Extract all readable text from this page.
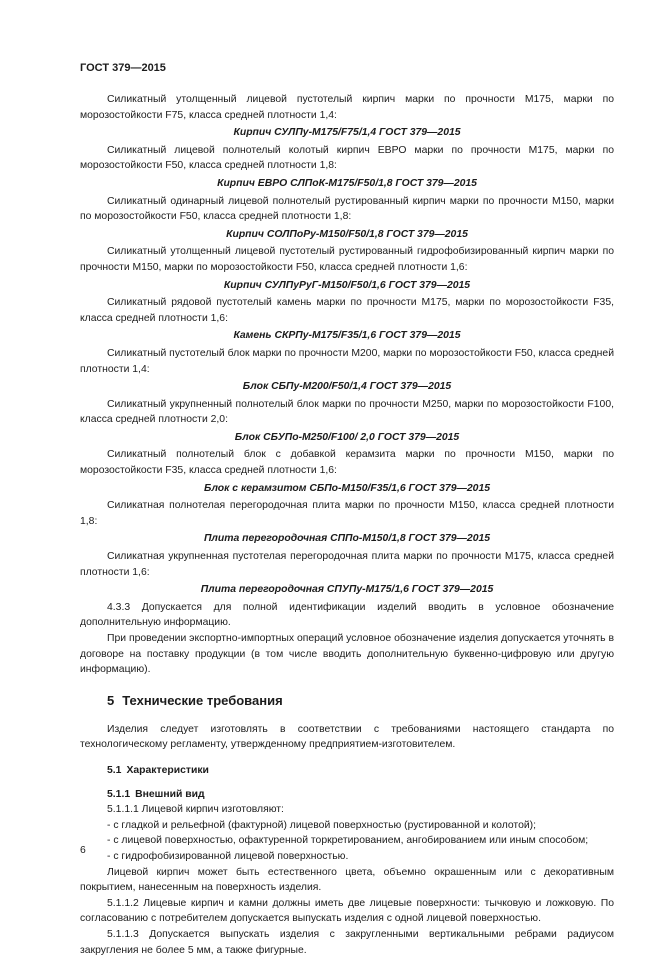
ГОСТ 379—2015
Силикатный утолщенный лицевой пустотелый кирпич марки по прочности М175, марки по морозостойкости F75, класса средней плотности 1,4:
Кирпич СУЛПу-М175/F75/1,4 ГОСТ 379—2015
Силикатный лицевой полнотелый колотый кирпич ЕВРО марки по прочности М175, марки по морозостойкости F50, класса средней плотности 1,8:
Кирпич ЕВРО СЛПоК-М175/F50/1,8 ГОСТ 379—2015
Силикатный одинарный лицевой полнотелый рустированный кирпич марки по прочности М150, марки по морозостойкости F50, класса средней плотности 1,8:
Кирпич СОЛПоРу-М150/F50/1,8 ГОСТ 379—2015
Силикатный утолщенный лицевой пустотелый рустированный гидрофобизированный кирпич марки по прочности М150, марки по морозостойкости F50, класса средней плотности 1,6:
Кирпич СУЛПуРуГ-М150/F50/1,6 ГОСТ 379—2015
Силикатный рядовой пустотелый камень марки по прочности М175, марки по морозостойкости F35, класса средней плотности 1,6:
Камень СКРПу-М175/F35/1,6 ГОСТ 379—2015
Силикатный пустотелый блок марки по прочности М200, марки по морозостойкости F50, класса средней плотности 1,4:
Блок СБПу-М200/F50/1,4 ГОСТ 379—2015
Силикатный укрупненный полнотелый блок марки по прочности М250, марки по морозостойкости F100, класса средней плотности 2,0:
Блок СБУПо-М250/F100/ 2,0 ГОСТ 379—2015
Силикатный полнотелый блок с добавкой керамзита марки по прочности М150, марки по морозостойкости F35, класса средней плотности 1,6:
Блок с керамзитом СБПо-М150/F35/1,6 ГОСТ 379—2015
Силикатная полнотелая перегородочная плита марки по прочности М150, класса средней плотности 1,8:
Плита перегородочная СППо-М150/1,8 ГОСТ 379—2015
Силикатная укрупненная пустотелая перегородочная плита марки по прочности М175, класса средней плотности 1,6:
Плита перегородочная СПУПу-М175/1,6 ГОСТ 379—2015
4.3.3 Допускается для полной идентификации изделий вводить в условное обозначение дополнительную информацию.
При проведении экспортно-импортных операций условное обозначение изделия допускается уточнять в договоре на поставку продукции (в том числе вводить дополнительную буквенно-цифровую или другую информацию).
5 Технические требования
Изделия следует изготовлять в соответствии с требованиями настоящего стандарта по технологическому регламенту, утвержденному предприятием-изготовителем.
5.1 Характеристики
5.1.1 Внешний вид
5.1.1.1 Лицевой кирпич изготовляют:
- с гладкой и рельефной (фактурной) лицевой поверхностью (рустированной и колотой);
- с лицевой поверхностью, офактуренной торкретированием, ангобированием или иным способом;
- с гидрофобизированной лицевой поверхностью.
Лицевой кирпич может быть естественного цвета, объемно окрашенным или с декоративным покрытием, нанесенным на поверхность изделия.
5.1.1.2 Лицевые кирпич и камни должны иметь две лицевые поверхности: тычковую и ложковую. По согласованию с потребителем допускается выпускать изделия с одной лицевой поверхностью.
5.1.1.3 Допускается выпускать изделия с закругленными вертикальными ребрами радиусом закругления не более 5 мм, а также фигурные.
6
